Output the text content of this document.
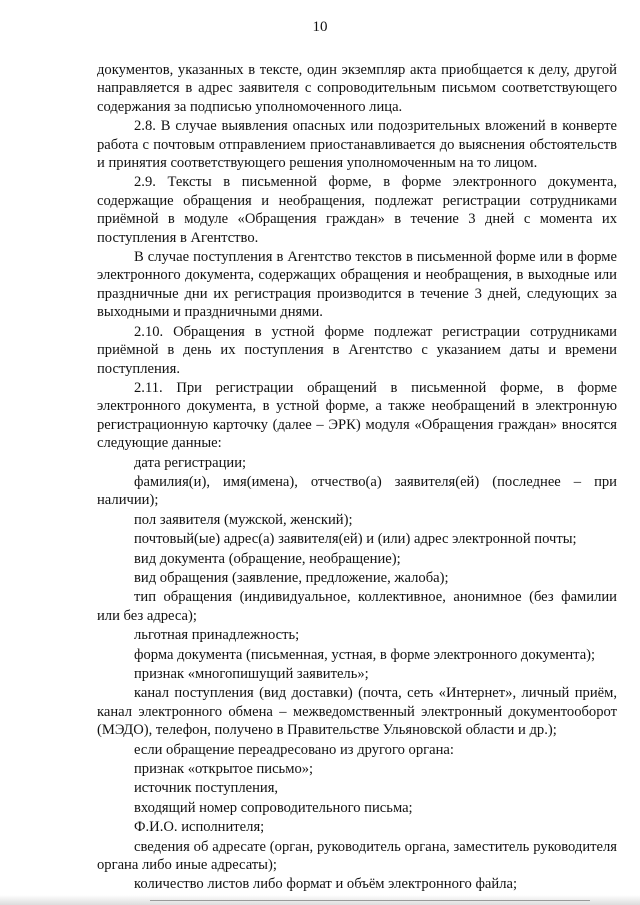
10

документов, указанных в тексте, один экземпляр акта приобщается к делу, другой направляется в адрес заявителя с сопроводительным письмом соответствующего содержания за подписью уполномоченного лица.

2.8. В случае выявления опасных или подозрительных вложений в конверте работа с почтовым отправлением приостанавливается до выяснения обстоятельств и принятия соответствующего решения уполномоченным на то лицом.

2.9. Тексты в письменной форме, в форме электронного документа, содержащие обращения и необращения, подлежат регистрации сотрудниками приёмной в модуле «Обращения граждан» в течение 3 дней с момента их поступления в Агентство.

В случае поступления в Агентство текстов в письменной форме или в форме электронного документа, содержащих обращения и необращения, в выходные или праздничные дни их регистрация производится в течение 3 дней, следующих за выходными и праздничными днями.

2.10. Обращения в устной форме подлежат регистрации сотрудниками приёмной в день их поступления в Агентство с указанием даты и времени поступления.

2.11. При регистрации обращений в письменной форме, в форме электронного документа, в устной форме, а также необращений в электронную регистрационную карточку (далее – ЭРК) модуля «Обращения граждан» вносятся следующие данные:

дата регистрации;

фамилия(и), имя(имена), отчество(а) заявителя(ей) (последнее – при наличии);

пол заявителя (мужской, женский);

почтовый(ые) адрес(а) заявителя(ей) и (или) адрес электронной почты;

вид документа (обращение, необращение);

вид обращения (заявление, предложение, жалоба);

тип обращения (индивидуальное, коллективное, анонимное (без фамилии или без адреса);

льготная принадлежность;

форма документа (письменная, устная, в форме электронного документа);

признак «многопишущий заявитель»;

канал поступления (вид доставки) (почта, сеть «Интернет», личный приём, канал электронного обмена – межведомственный электронный документооборот (МЭДО), телефон, получено в Правительстве Ульяновской области и др.);

если обращение переадресовано из другого органа:

признак «открытое письмо»;

источник поступления,

входящий номер сопроводительного письма;

Ф.И.О. исполнителя;

сведения об адресате (орган, руководитель органа, заместитель руководителя органа либо иные адресаты);

количество листов либо формат и объём электронного файла;
